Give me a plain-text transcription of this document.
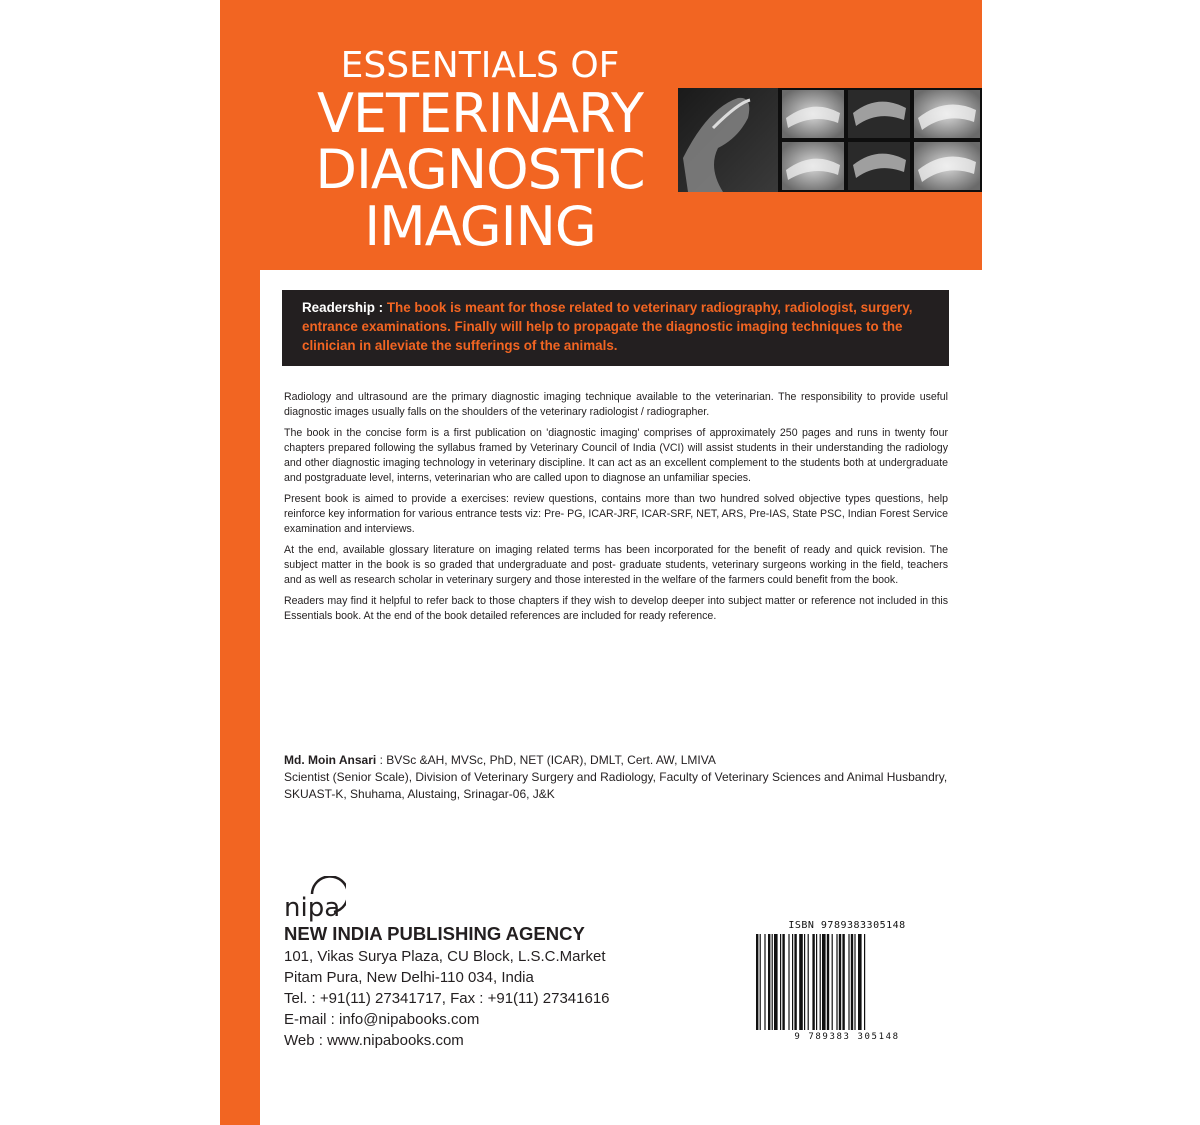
ESSENTIALS OF
VETERINARY
DIAGNOSTIC
IMAGING
Readership : The book is meant for those related to veterinary radiography, radiologist, surgery, entrance examinations. Finally will help to propagate the diagnostic imaging techniques to the clinician in alleviate the sufferings of the animals.

Radiology and ultrasound are the primary diagnostic imaging technique available to the veterinarian. The responsibility to provide useful diagnostic images usually falls on the shoulders of the veterinary radiologist / radiographer.

The book in the concise form is a first publication on 'diagnostic imaging' comprises of approximately 250 pages and runs in twenty four chapters prepared following the syllabus framed by Veterinary Council of India (VCI) will assist students in their understanding the radiology and other diagnostic imaging technology in veterinary discipline. It can act as an excellent complement to the students both at undergraduate and postgraduate level, interns, veterinarian who are called upon to diagnose an unfamiliar species.

Present book is aimed to provide a exercises: review questions, contains more than two hundred solved objective types questions, help reinforce key information for various entrance tests viz: Pre- PG, ICAR-JRF, ICAR-SRF, NET, ARS, Pre-IAS, State PSC, Indian Forest Service examination and interviews.

At the end, available glossary literature on imaging related terms has been incorporated for the benefit of ready and quick revision. The subject matter in the book is so graded that undergraduate and post- graduate students, veterinary surgeons working in the field, teachers and as well as research scholar in veterinary surgery and those interested in the welfare of the farmers could benefit from the book.

Readers may find it helpful to refer back to those chapters if they wish to develop deeper into subject matter or reference not included in this Essentials book. At the end of the book detailed references are included for ready reference.

Md. Moin Ansari : BVSc &AH, MVSc, PhD, NET (ICAR), DMLT, Cert. AW, LMIVA

Scientist (Senior Scale), Division of Veterinary Surgery and Radiology, Faculty of Veterinary Sciences and Animal Husbandry, SKUAST-K, Shuhama, Alustaing, Srinagar-06, J&K

nipa
NEW INDIA PUBLISHING AGENCY
101, Vikas Surya Plaza, CU Block, L.S.C.Market
Pitam Pura, New Delhi-110 034, India
Tel. : +91(11) 27341717, Fax : +91(11) 27341616
E-mail : info@nipabooks.com
Web : www.nipabooks.com
ISBN 9789383305148
9 789383 305148
